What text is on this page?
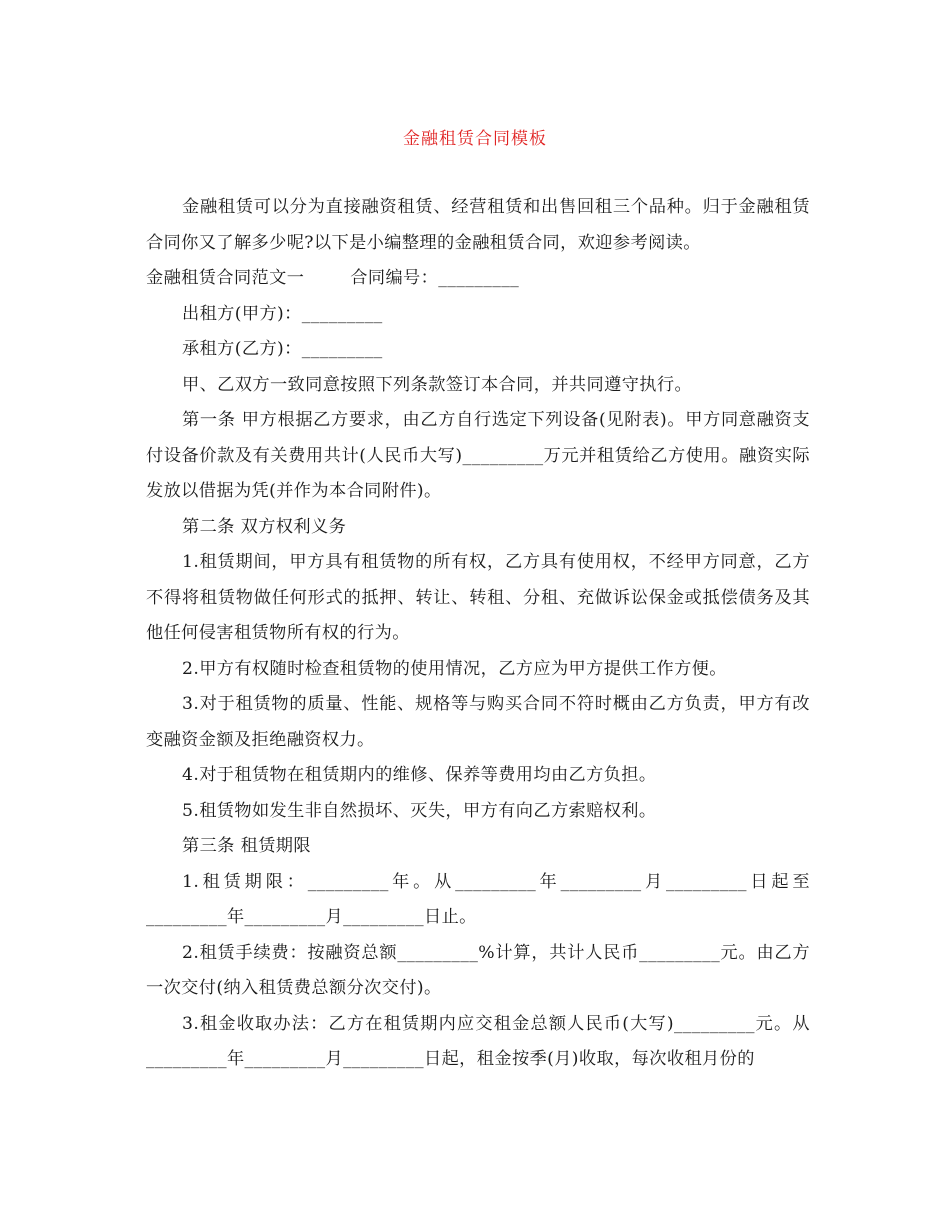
金融租赁合同模板

金融租赁可以分为直接融资租赁、经营租赁和出售回租三个品种。归于金融租赁合同你又了解多少呢?以下是小编整理的金融租赁合同，欢迎参考阅读。

金融租赁合同范文一	合同编号：_________

出租方(甲方)：_________

承租方(乙方)：_________

甲、乙双方一致同意按照下列条款签订本合同，并共同遵守执行。

第一条 甲方根据乙方要求，由乙方自行选定下列设备(见附表)。甲方同意融资支付设备价款及有关费用共计(人民币大写)_________万元并租赁给乙方使用。融资实际发放以借据为凭(并作为本合同附件)。

第二条 双方权利义务

1.租赁期间，甲方具有租赁物的所有权，乙方具有使用权，不经甲方同意，乙方不得将租赁物做任何形式的抵押、转让、转租、分租、充做诉讼保金或抵偿债务及其他任何侵害租赁物所有权的行为。

2.甲方有权随时检查租赁物的使用情况，乙方应为甲方提供工作方便。

3.对于租赁物的质量、性能、规格等与购买合同不符时概由乙方负责，甲方有改变融资金额及拒绝融资权力。

4.对于租赁物在租赁期内的维修、保养等费用均由乙方负担。

5.租赁物如发生非自然损坏、灭失，甲方有向乙方索赔权利。

第三条 租赁期限

1.租赁期限：_________年。从_________年_________月_________日起至_________年_________月_________日止。

2.租赁手续费：按融资总额_________%计算，共计人民币_________元。由乙方一次交付(纳入租赁费总额分次交付)。

3.租金收取办法：乙方在租赁期内应交租金总额人民币(大写)_________元。从_________年_________月_________日起，租金按季(月)收取，每次收租月份的
